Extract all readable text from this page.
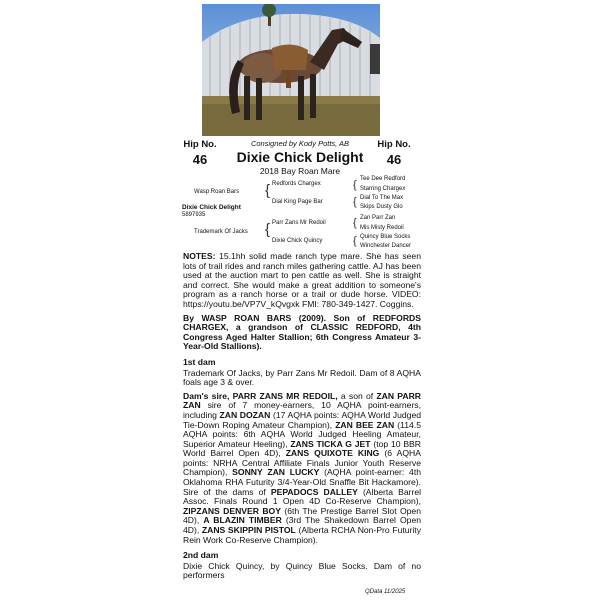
Hip No.
46
Hip No.
46
Consigned by Kody Potts, AB
Dixie Chick Delight
2018 Bay Roan Mare
Tee Dee Redford
{
Redfords Chargex
Starring Chargex
{
Wasp Roan Bars
Dial To The Max
{
Dial King Page Bar
Skips Dusty Glo
Dixie Chick Delight
5897935	Zan Parr Zan
{
Parr Zans Mr Redoil
Mis Misty Redoil
{
Trademark Of Jacks
Quincy Blue Socks
{
Dixie Chick Quincy
Winchester Dancer

NOTES: 15.1hh solid made ranch type mare. She has seen lots of trail rides and ranch miles gathering cattle. AJ has been used at the auction mart to pen cattle as well. She is straight and correct. She would make a great addition to someone's program as a ranch horse or a trail or dude horse. VIDEO: https://youtu.be/VP7V_kQvgxk FMI: 780-349-1427. Coggins.

By WASP ROAN BARS (2009). Son of REDFORDS CHARGEX, a grandson of CLASSIC REDFORD, 4th Congress Aged Halter Stallion; 6th Congress Amateur 3-Year-Old Stallions).

1st dam

Trademark Of Jacks, by Parr Zans Mr Redoil. Dam of 8 AQHA foals age 3 & over.

Dam's sire, PARR ZANS MR REDOIL, a son of ZAN PARR ZAN sire of 7 money-earners, 10 AQHA point-earners, including ZAN DOZAN (17 AQHA points: AQHA World Judged Tie-Down Roping Amateur Champion), ZAN BEE ZAN (114.5 AQHA points: 6th AQHA World Judged Heeling Amateur, Superior Amateur Heeling), ZANS TICKA G JET (top 10 BBR World Barrel Open 4D), ZANS QUIXOTE KING (6 AQHA points: NRHA Central Affiliate Finals Junior Youth Reserve Champion), SONNY ZAN LUCKY (AQHA point-earner: 4th Oklahoma RHA Futurity 3/4-Year-Old Snaffle Bit Hackamore). Sire of the dams of PEPADOCS DALLEY (Alberta Barrel Assoc. Finals Round 1 Open 4D Co-Reserve Champion), ZIPZANS DENVER BOY (6th The Prestige Barrel Slot Open 4D), A BLAZIN TIMBER (3rd The Shakedown Barrel Open 4D), ZANS SKIPPIN PISTOL (Alberta RCHA Non-Pro Futurity Rein Work Co-Reserve Champion).

2nd dam

Dixie Chick Quincy, by Quincy Blue Socks. Dam of no performers

QData 11/2025
